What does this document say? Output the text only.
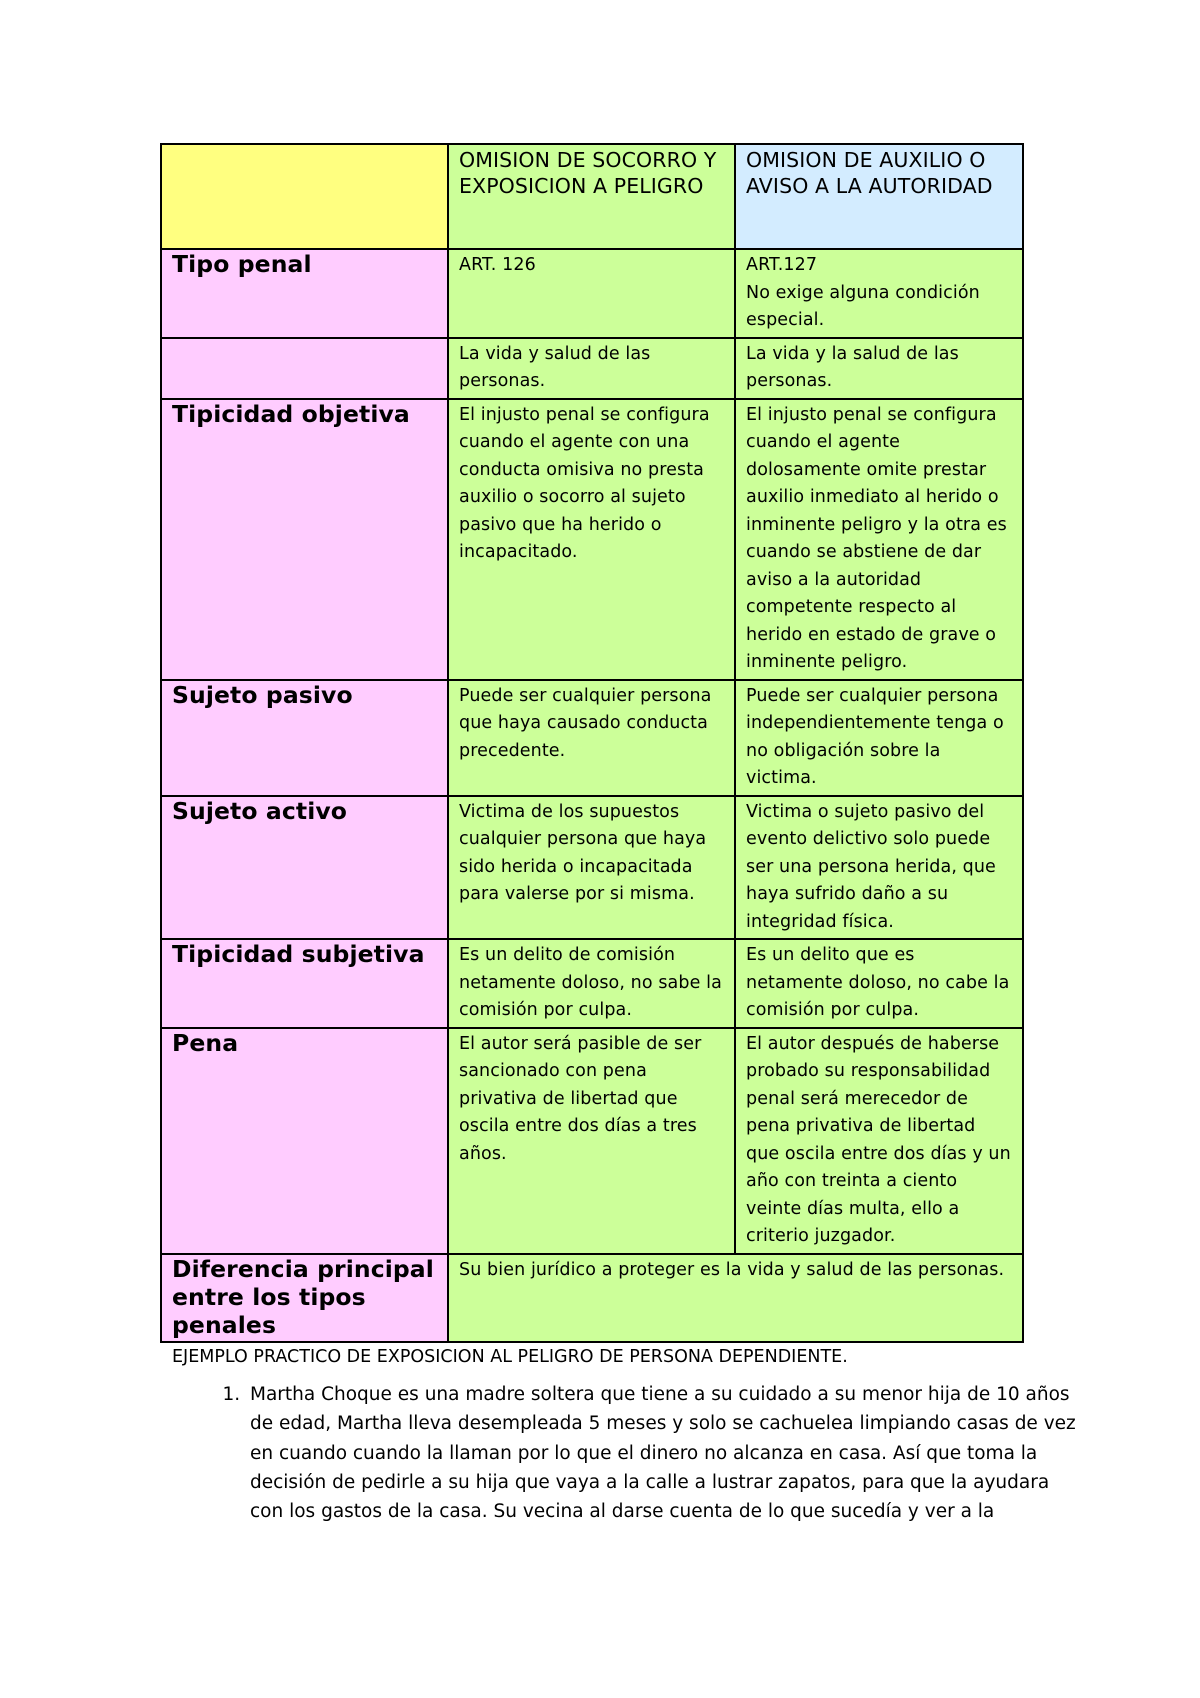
	OMISION DE SOCORRO Y EXPOSICION A PELIGRO	OMISION DE AUXILIO O AVISO A LA AUTORIDAD
Tipo penal	ART. 126	ART.127
No exige alguna condición especial.
	La vida y salud de las personas.	La vida y la salud de las personas.
Tipicidad objetiva	El injusto penal se configura cuando el agente con una conducta omisiva no presta auxilio o socorro al sujeto pasivo que ha herido o incapacitado.	El injusto penal se configura cuando el agente dolosamente omite prestar auxilio inmediato al herido o inminente peligro y la otra es cuando se abstiene de dar aviso a la autoridad competente respecto al herido en estado de grave o inminente peligro.
Sujeto pasivo	Puede ser cualquier persona que haya causado conducta precedente.	Puede ser cualquier persona independientemente tenga o no obligación sobre la victima.
Sujeto activo	Victima de los supuestos cualquier persona que haya sido herida o incapacitada para valerse por si misma.	Victima o sujeto pasivo del evento delictivo solo puede ser una persona herida, que haya sufrido daño a su integridad física.
Tipicidad subjetiva	Es un delito de comisión netamente doloso, no sabe la comisión por culpa.	Es un delito que es netamente doloso, no cabe la comisión por culpa.
Pena	El autor será pasible de ser sancionado con pena privativa de libertad que oscila entre dos días a tres años.	El autor después de haberse probado su responsabilidad penal será merecedor de pena privativa de libertad que oscila entre dos días y un año con treinta a ciento veinte días multa, ello a criterio juzgador.
Diferencia principal entre los tipos penales	Su bien jurídico a proteger es la vida y salud de las personas.	
EJEMPLO PRACTICO DE EXPOSICION AL PELIGRO DE PERSONA DEPENDIENTE.
1. Martha Choque es una madre soltera que tiene a su cuidado a su menor hija de 10 años de edad, Martha lleva desempleada 5 meses y solo se cachuelea limpiando casas de vez en cuando cuando la llaman por lo que el dinero no alcanza en casa. Así que toma la decisión de pedirle a su hija que vaya a la calle a lustrar zapatos, para que la ayudara con los gastos de la casa. Su vecina al darse cuenta de lo que sucedía y ver a la
